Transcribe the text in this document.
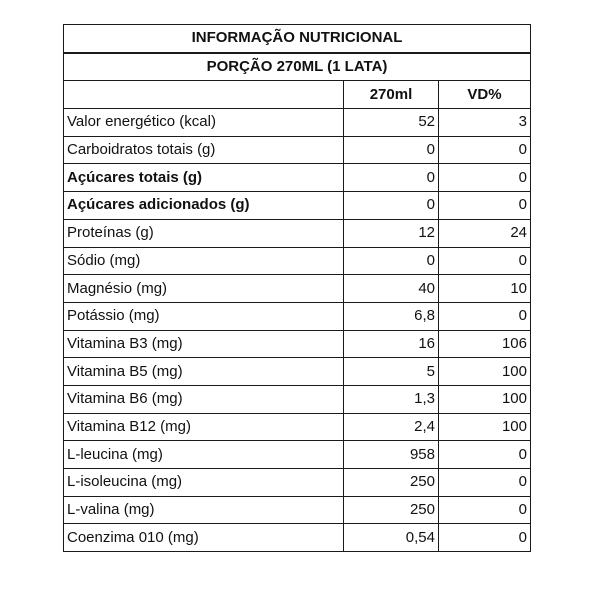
INFORMAÇÃO NUTRICIONAL		
PORÇÃO 270ML (1 LATA)		
	270ml	VD%
Valor energético (kcal)	52	3
Carboidratos totais (g)	0	0
Açúcares totais (g)	0	0
Açúcares adicionados (g)	0	0
Proteínas (g)	12	24
Sódio (mg)	0	0
Magnésio (mg)	40	10
Potássio (mg)	6,8	0
Vitamina B3 (mg)	16	106
Vitamina B5 (mg)	5	100
Vitamina B6 (mg)	1,3	100
Vitamina B12 (mg)	2,4	100
L-leucina (mg)	958	0
L-isoleucina (mg)	250	0
L-valina (mg)	250	0
Coenzima 010 (mg)	0,54	0
